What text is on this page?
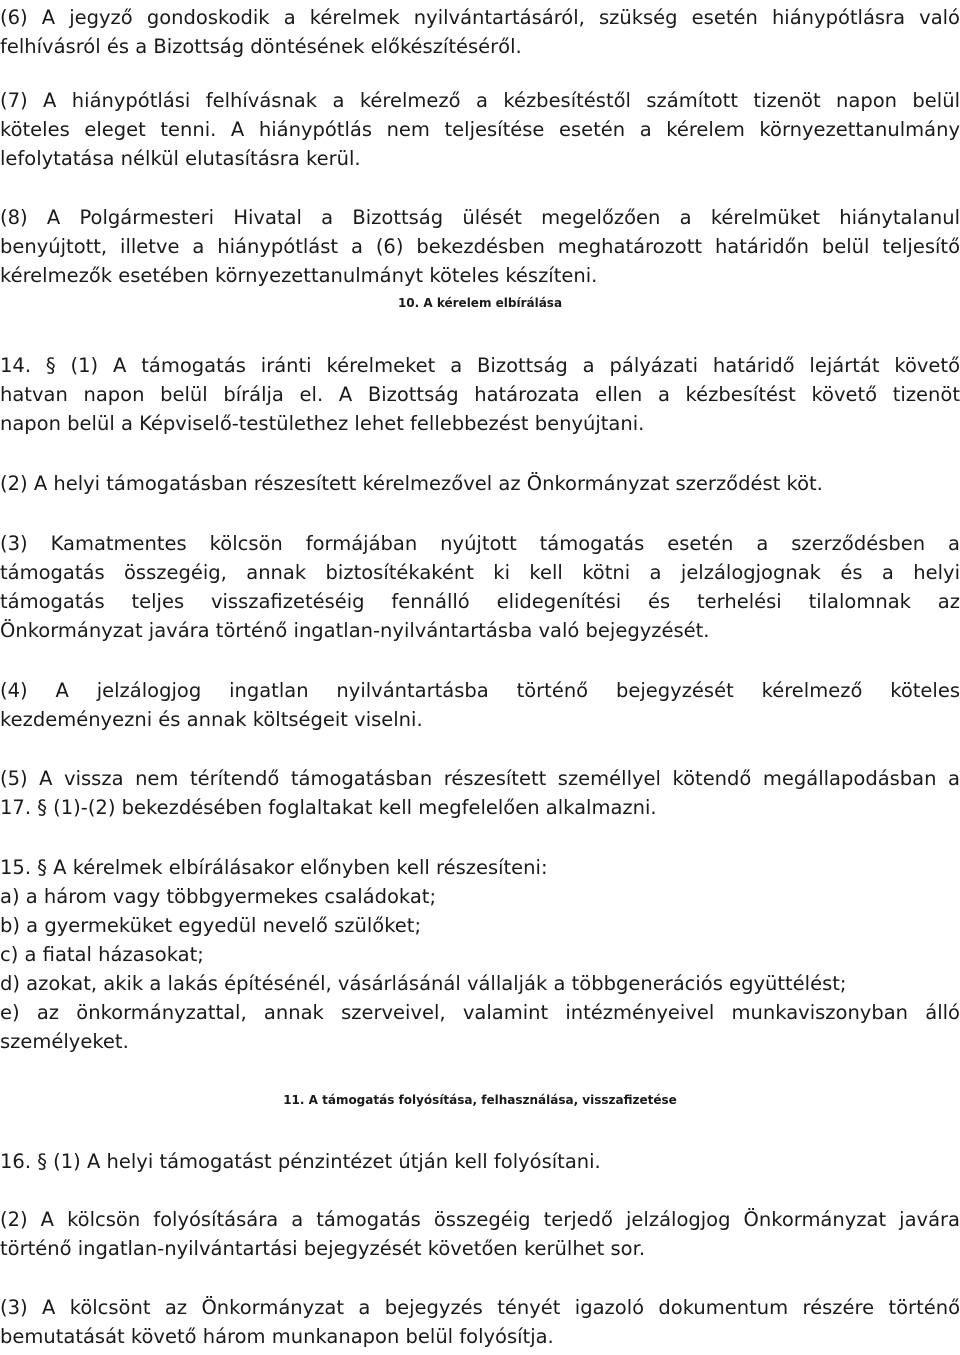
(6) A jegyző gondoskodik a kérelmek nyilvántartásáról, szükség esetén hiánypótlásra való
felhívásról és a Bizottság döntésének előkészítéséről.
(7) A hiánypótlási felhívásnak a kérelmező a kézbesítéstől számított tizenöt napon belül
köteles eleget tenni. A hiánypótlás nem teljesítése esetén a kérelem környezettanulmány
lefolytatása nélkül elutasításra kerül.
(8) A Polgármesteri Hivatal a Bizottság ülését megelőzően a kérelmüket hiánytalanul
benyújtott, illetve a hiánypótlást a (6) bekezdésben meghatározott határidőn belül teljesítő
kérelmezők esetében környezettanulmányt köteles készíteni.
10. A kérelem elbírálása
14. § (1) A támogatás iránti kérelmeket a Bizottság a pályázati határidő lejártát követő
hatvan napon belül bírálja el. A Bizottság határozata ellen a kézbesítést követő tizenöt
napon belül a Képviselő-testülethez lehet fellebbezést benyújtani.
(2) A helyi támogatásban részesített kérelmezővel az Önkormányzat szerződést köt.
(3) Kamatmentes kölcsön formájában nyújtott támogatás esetén a szerződésben a
támogatás összegéig, annak biztosítékaként ki kell kötni a jelzálogjognak és a helyi
támogatás teljes visszafizetéséig fennálló elidegenítési és terhelési tilalomnak az
Önkormányzat javára történő ingatlan-nyilvántartásba való bejegyzését.
(4) A jelzálogjog ingatlan nyilvántartásba történő bejegyzését kérelmező köteles
kezdeményezni és annak költségeit viselni.
(5) A vissza nem térítendő támogatásban részesített személlyel kötendő megállapodásban a
17. § (1)-(2) bekezdésében foglaltakat kell megfelelően alkalmazni.
15. § A kérelmek elbírálásakor előnyben kell részesíteni:
a) a három vagy többgyermekes családokat;
b) a gyermeküket egyedül nevelő szülőket;
c) a fiatal házasokat;
d) azokat, akik a lakás építésénél, vásárlásánál vállalják a többgenerációs együttélést;
e) az önkormányzattal, annak szerveivel, valamint intézményeivel munkaviszonyban álló
személyeket.
11. A támogatás folyósítása, felhasználása, visszafizetése
16. § (1) A helyi támogatást pénzintézet útján kell folyósítani.
(2) A kölcsön folyósítására a támogatás összegéig terjedő jelzálogjog Önkormányzat javára
történő ingatlan-nyilvántartási bejegyzését követően kerülhet sor.
(3) A kölcsönt az Önkormányzat a bejegyzés tényét igazoló dokumentum részére történő
bemutatását követő három munkanapon belül folyósítja.
